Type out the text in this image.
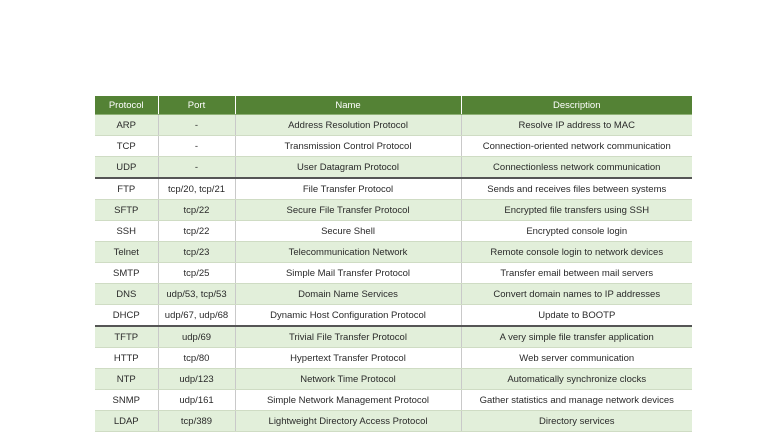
Protocol	Port	Name	Description
ARP	-	Address Resolution Protocol	Resolve IP address to MAC
TCP	-	Transmission Control Protocol	Connection-oriented network communication
UDP	-	User Datagram Protocol	Connectionless network communication
FTP	tcp/20, tcp/21	File Transfer Protocol	Sends and receives files between systems
SFTP	tcp/22	Secure File Transfer Protocol	Encrypted file transfers using SSH
SSH	tcp/22	Secure Shell	Encrypted console login
Telnet	tcp/23	Telecommunication Network	Remote console login to network devices
SMTP	tcp/25	Simple Mail Transfer Protocol	Transfer email between mail servers
DNS	udp/53, tcp/53	Domain Name Services	Convert domain names to IP addresses
DHCP	udp/67, udp/68	Dynamic Host Configuration Protocol	Update to BOOTP
TFTP	udp/69	Trivial File Transfer Protocol	A very simple file transfer application
HTTP	tcp/80	Hypertext Transfer Protocol	Web server communication
NTP	udp/123	Network Time Protocol	Automatically synchronize clocks
SNMP	udp/161	Simple Network Management Protocol	Gather statistics and manage network devices
LDAP	tcp/389	Lightweight Directory Access Protocol	Directory services
